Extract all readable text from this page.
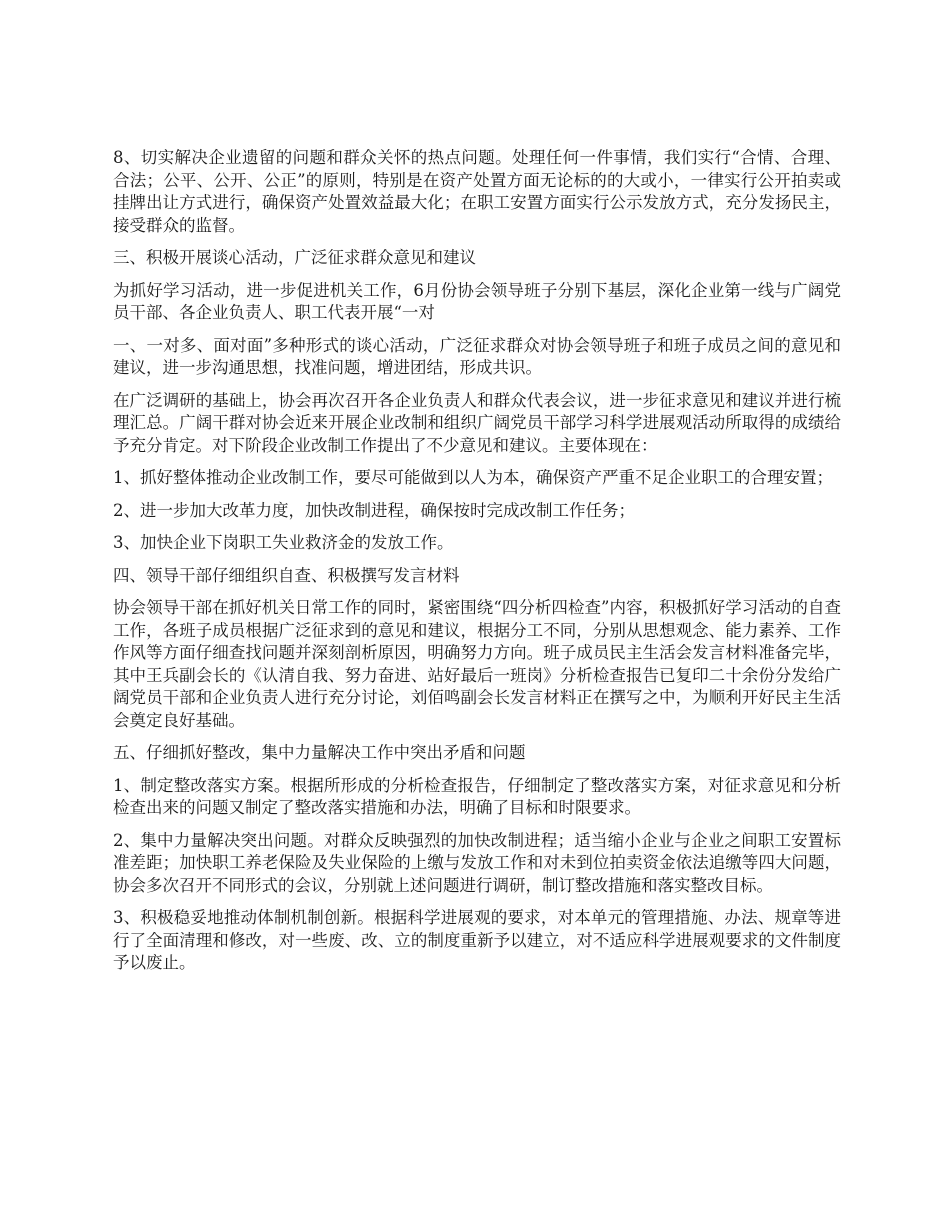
8、切实解决企业遗留的问题和群众关怀的热点问题。处理任何一件事情，我们实行“合情、合理、合法；公平、公开、公正”的原则，特别是在资产处置方面无论标的的大或小，一律实行公开拍卖或挂牌出让方式进行，确保资产处置效益最大化；在职工安置方面实行公示发放方式，充分发扬民主，接受群众的监督。

三、积极开展谈心活动，广泛征求群众意见和建议

为抓好学习活动，进一步促进机关工作，6月份协会领导班子分别下基层，深化企业第一线与广阔党员干部、各企业负责人、职工代表开展“一对

一、一对多、面对面”多种形式的谈心活动，广泛征求群众对协会领导班子和班子成员之间的意见和建议，进一步沟通思想，找准问题，增进团结，形成共识。

在广泛调研的基础上，协会再次召开各企业负责人和群众代表会议，进一步征求意见和建议并进行梳理汇总。广阔干群对协会近来开展企业改制和组织广阔党员干部学习科学进展观活动所取得的成绩给予充分肯定。对下阶段企业改制工作提出了不少意见和建议。主要体现在：

1、抓好整体推动企业改制工作，要尽可能做到以人为本，确保资产严重不足企业职工的合理安置；

2、进一步加大改革力度，加快改制进程，确保按时完成改制工作任务；

3、加快企业下岗职工失业救济金的发放工作。

四、领导干部仔细组织自查、积极撰写发言材料

协会领导干部在抓好机关日常工作的同时，紧密围绕“四分析四检查”内容，积极抓好学习活动的自查工作，各班子成员根据广泛征求到的意见和建议，根据分工不同，分别从思想观念、能力素养、工作作风等方面仔细查找问题并深刻剖析原因，明确努力方向。班子成员民主生活会发言材料准备完毕，其中王兵副会长的《认清自我、努力奋进、站好最后一班岗》分析检查报告已复印二十余份分发给广阔党员干部和企业负责人进行充分讨论，刘佰鸣副会长发言材料正在撰写之中，为顺利开好民主生活会奠定良好基础。

五、仔细抓好整改，集中力量解决工作中突出矛盾和问题

1、制定整改落实方案。根据所形成的分析检查报告，仔细制定了整改落实方案，对征求意见和分析检查出来的问题又制定了整改落实措施和办法，明确了目标和时限要求。

2、集中力量解决突出问题。对群众反映强烈的加快改制进程；适当缩小企业与企业之间职工安置标准差距；加快职工养老保险及失业保险的上缴与发放工作和对未到位拍卖资金依法追缴等四大问题，协会多次召开不同形式的会议，分别就上述问题进行调研，制订整改措施和落实整改目标。

3、积极稳妥地推动体制机制创新。根据科学进展观的要求，对本单元的管理措施、办法、规章等进行了全面清理和修改，对一些废、改、立的制度重新予以建立，对不适应科学进展观要求的文件制度予以废止。
